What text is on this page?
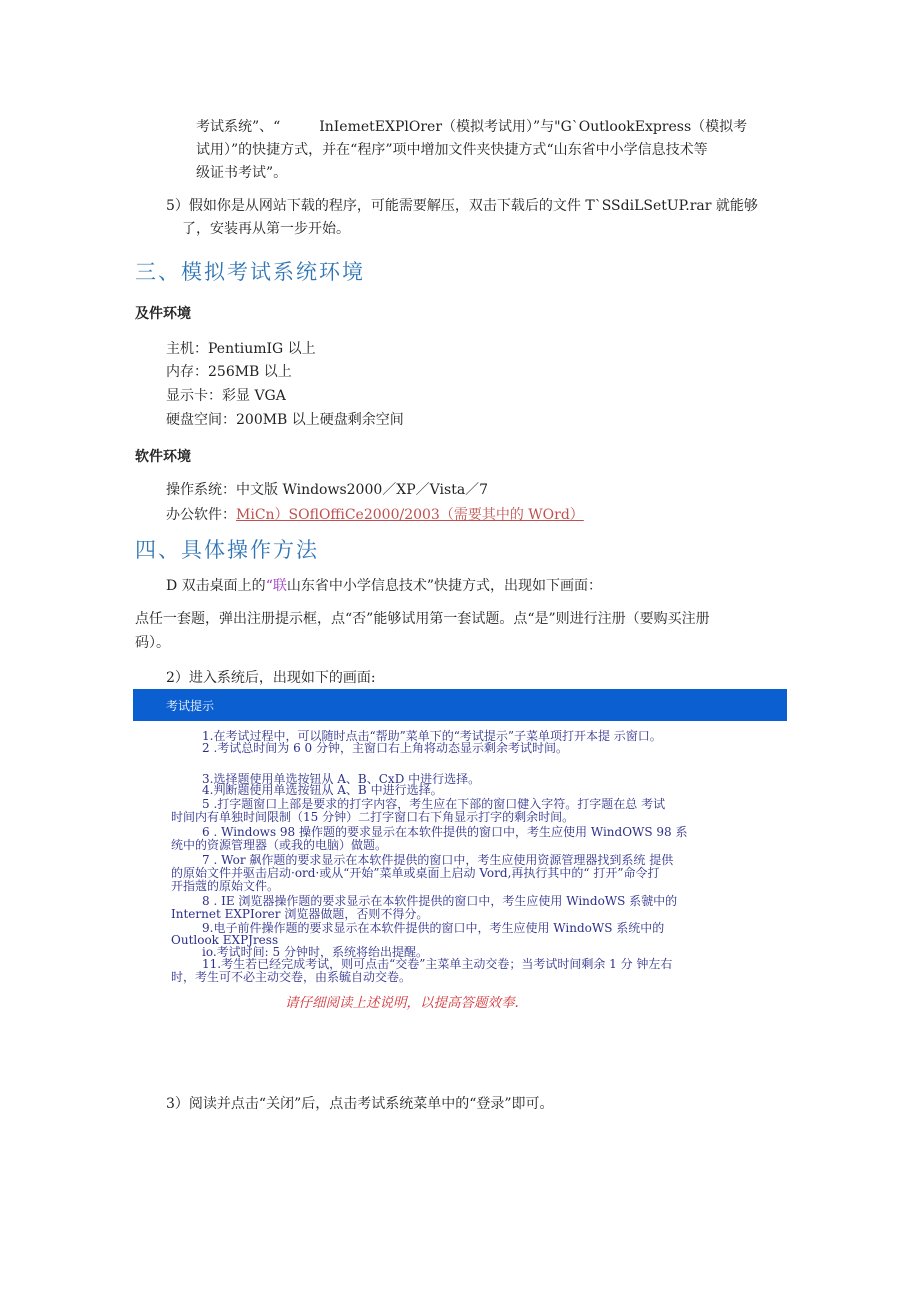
考试系统”、“	InIemetEXPlOrer（模拟考试用）”与"G`OutlookExpress（模拟考
试用）”的快捷方式，并在“程序”项中增加文件夹快捷方式“山东省中小学信息技术等
级证书考试”。
5）假如你是从网站下载的程序，可能需要解压，双击下载后的文件 T`SSdiLSetUP.rar 就能够
了，安装再从第一步开始。
三、模拟考试系统环境
及件环境
主机：PentiumIG 以上
内存：256MB 以上
显示卡：彩显 VGA
硬盘空间：200MB 以上硬盘剩余空间
软件环境
操作系统：中文版 Windows2000／XP／Vista／7
办公软件：MiCn）SOflOffiCe2000/2003（需要其中的 WOrd）
四、具体操作方法
D 双击桌面上的“联山东省中小学信息技术”快捷方式，出现如下画面：
点任一套题，弹出注册提示框，点“否”能够试用第一套试题。点“是”则进行注册（要购买注册
码）。
2）进入系统后，出现如下的画面:
考试提示
1.在考试过程中，可以随时点击“帮助”菜单下的“考试提示”子菜单项打开本提 示窗口。
2 .考试总时间为 6 0 分钟，主窗口右上角将动态显示剩余考试时间。
3.选择题使用单选按钮从 A、B、CxD 中进行选择。
4.判断题使用单选按钮从 A、B 中进行选择。
5 .打字题窗口上部是要求的打字内容，考生应在下部的窗口健入字符。打字题在总 考试
时间内有单独时间限制（15 分钟）二打字窗口右下角显示打字的剩余时间。
6 . Windows 98 操作题的要求显示在本软件提供的窗口中，考生应使用 WindOWS 98 系
统中的资源管理器（或我的电脑）做题。
7 . Wor 飙作题的要求显示在本软件提供的窗口中，考生应使用资源管理器找到系统 提供
的原始文件并驱击启动·ord·或从“开始”菜单或桌面上启动 Vord,再执行其中的“ 打开”命令打
开指蔻的原始文件。
8 . IE 浏览器操作题的要求显示在本软件提供的窗口中，考生应使用 WindoWS 系虢中的
Internet EXPIorer 浏览器做题，否则不得分。
9.电子前件操作题的要求显示在本软件提供的窗口中，考生应使用 WindoWS 系统中的
Outlook EXPJress
io.考试时间: 5 分钟时，系统将绐出提醒。
11.考生若已经完成考试，则可点击“交卷”主菜单主动交卷；当考试时间剩余 1 分 钟左右
时，考生可不必主动交卷，由系毓自动交卷。
请仔细阅读上述说明，以提高答题效奉.
3）阅读并点击“关闭”后，点击考试系统菜单中的“登录”即可。
